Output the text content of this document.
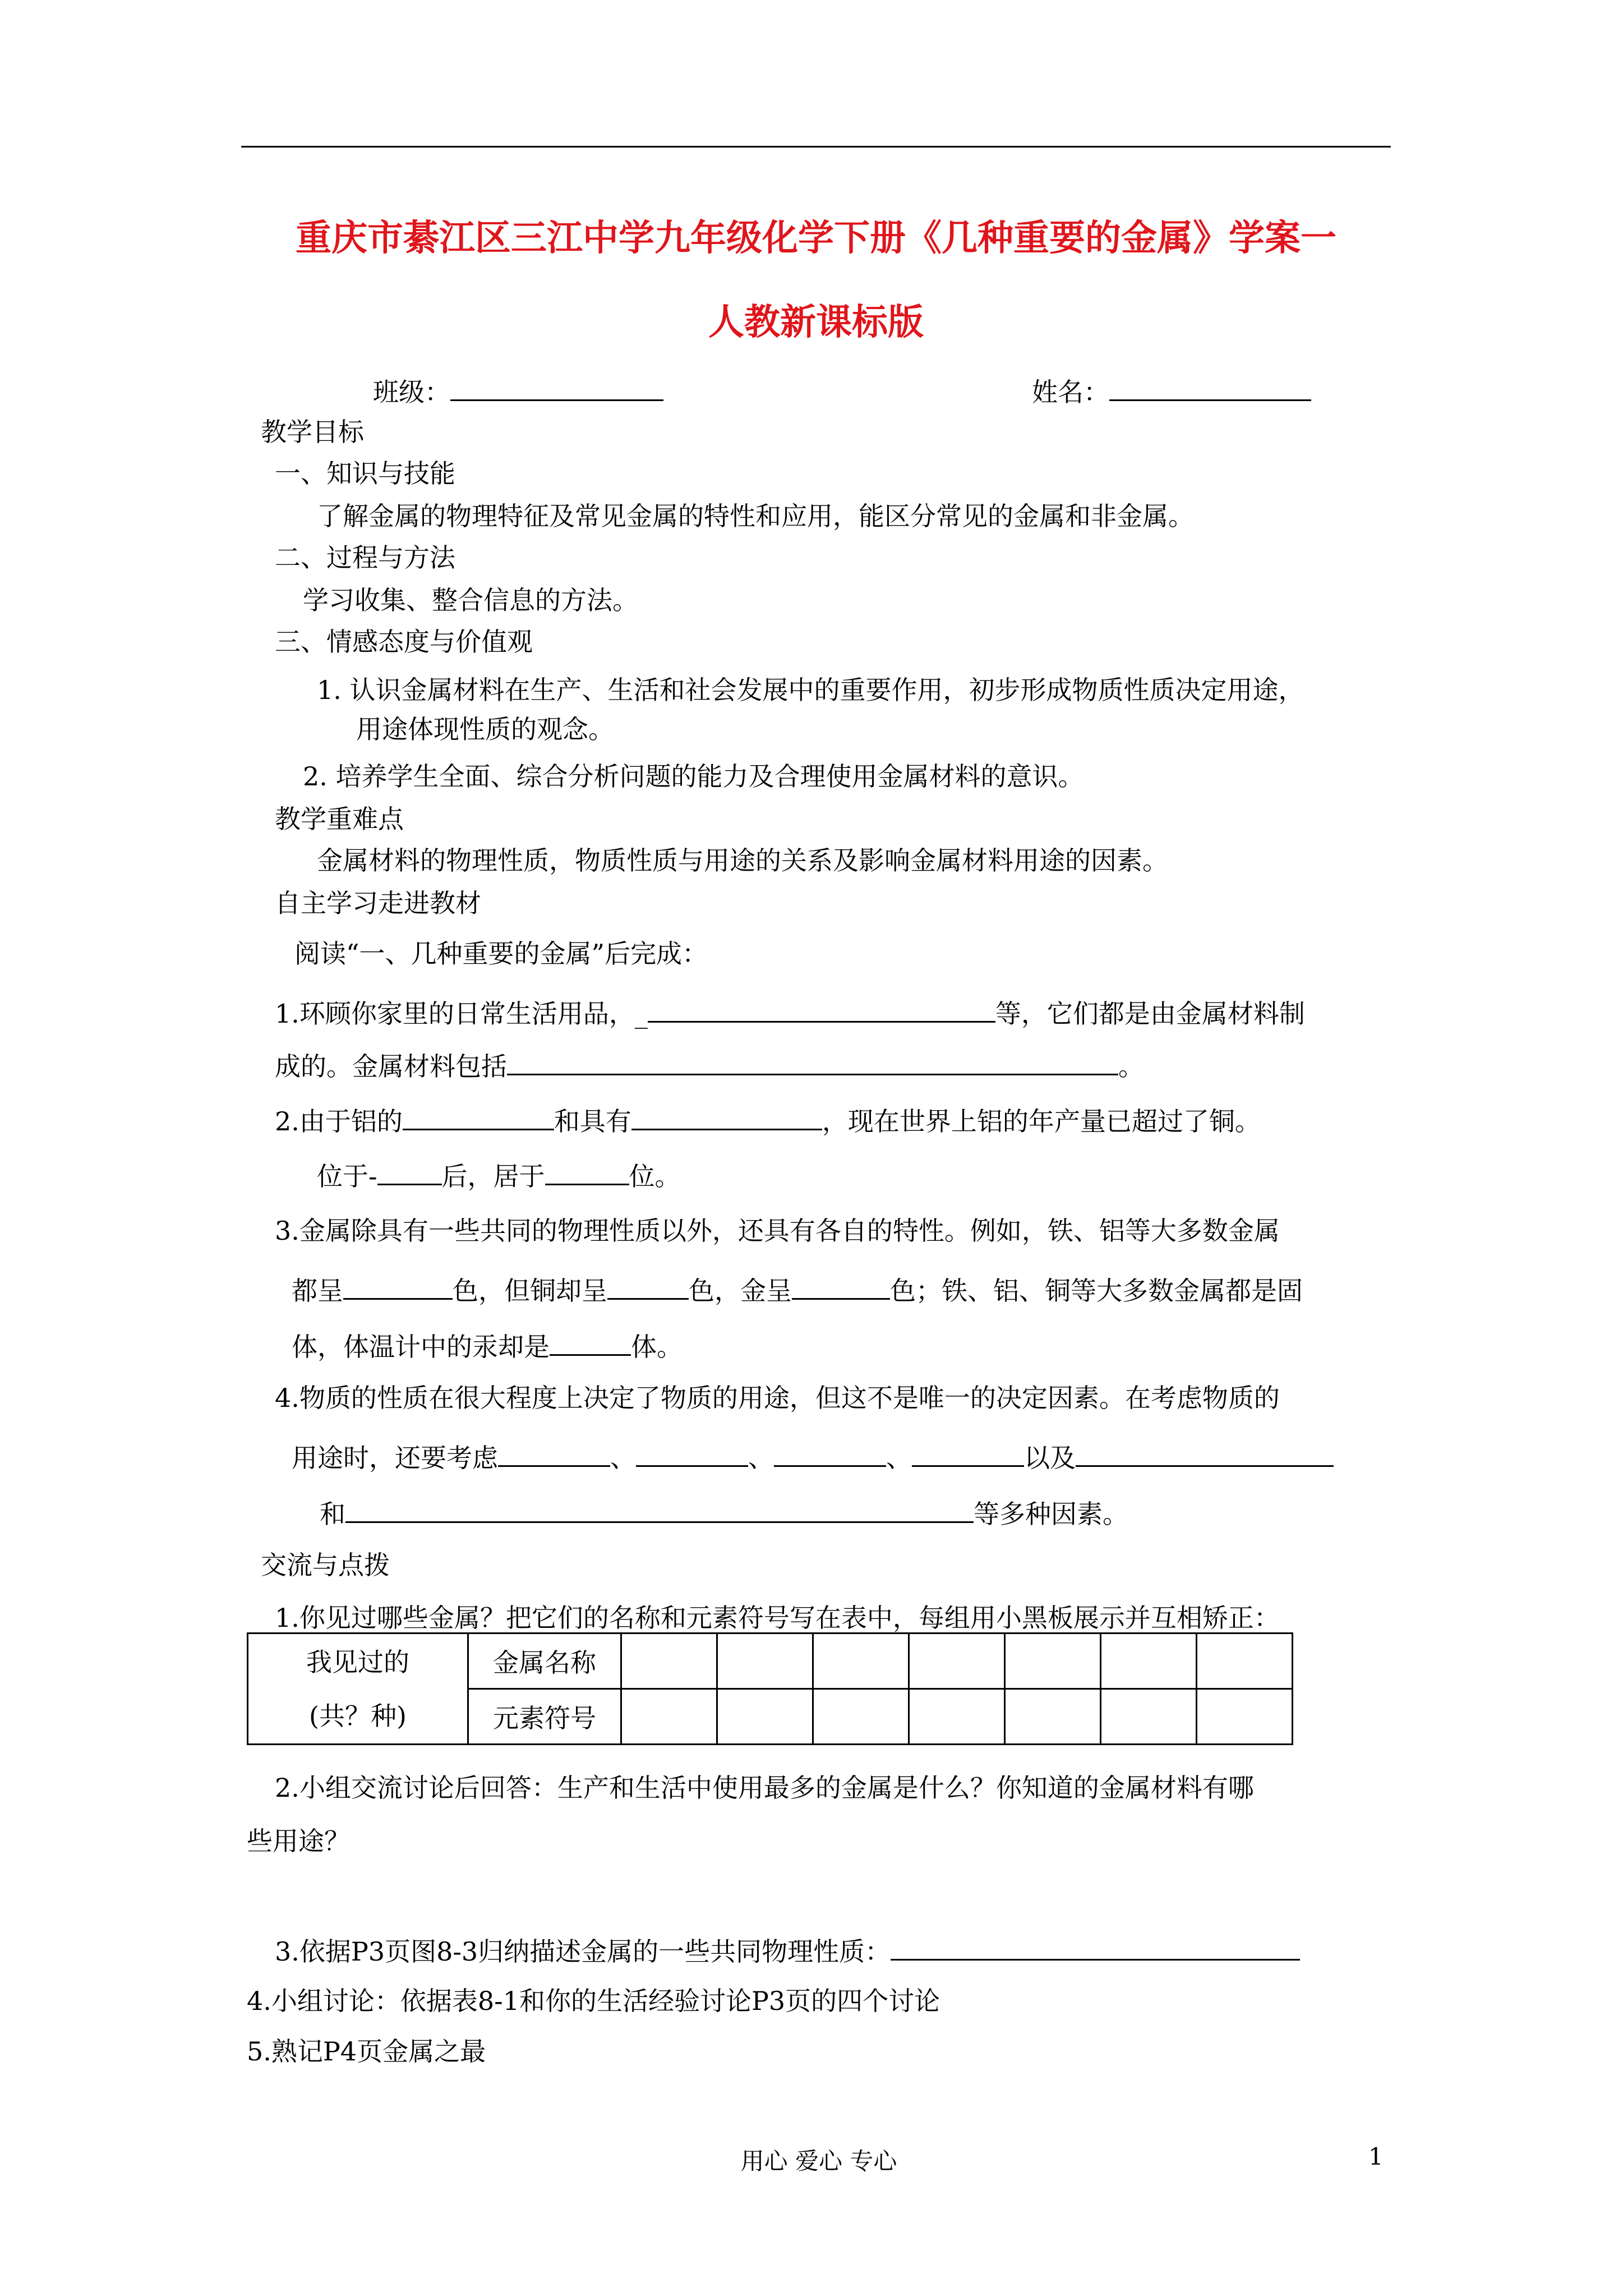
重庆市綦江区三江中学九年级化学下册《几种重要的金属》学案一
人教新课标版
班级：	姓名：
教学目标
一、知识与技能
了解金属的物理特征及常见金属的特性和应用，能区分常见的金属和非金属。
二、过程与方法
学习收集、整合信息的方法。
三、情感态度与价值观
1. 认识金属材料在生产、生活和社会发展中的重要作用，初步形成物质性质决定用途，
用途体现性质的观念。
2. 培养学生全面、综合分析问题的能力及合理使用金属材料的意识。
教学重难点
金属材料的物理性质，物质性质与用途的关系及影响金属材料用途的因素。
自主学习走进教材
阅读“一、几种重要的金属”后完成：
1.环顾你家里的日常生活用品，_	等，它们都是由金属材料制
成的。金属材料包括	。
2.由于铝的	和具有	，现在世界上铝的年产量已超过了铜。
位于-	后，居于	位。
3.金属除具有一些共同的物理性质以外，还具有各自的特性。例如，铁、铝等大多数金属
都呈	色，但铜却呈	色，金呈	色；铁、铝、铜等大多数金属都是固
体，体温计中的汞却是	体。
4.物质的性质在很大程度上决定了物质的用途，但这不是唯一的决定因素。在考虑物质的
用途时，还要考虑	、	、	、	以及
和	等多种因素。
交流与点拨
1.你见过哪些金属？把它们的名称和元素符号写在表中，每组用小黑板展示并互相矫正：
我见过的
(共？种)	金属名称							
	元素符号							
2.小组交流讨论后回答：生产和生活中使用最多的金属是什么？你知道的金属材料有哪
些用途？
3.依据P3页图8-3归纳描述金属的一些共同物理性质：
4.小组讨论：依据表8-1和你的生活经验讨论P3页的四个讨论
5.熟记P4页金属之最
用心 爱心 专心	1
